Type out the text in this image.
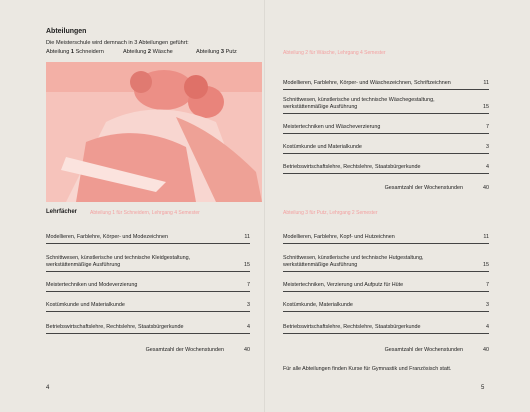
Abteilungen
Die Meisterschule wird demnach in 3 Abteilungen geführt:
Abteilung 1 Schneidern	Abteilung 2 Wäsche	Abteilung 3 Putz	Abteilung 2 für Wäsche, Lehrgang 4 Semester
Modellieren, Farblehre, Körper- und Wäschezeichnen, Schriftzeichnen	11
Schnittwesen, künstlerische und technische Wäschegestaltung, werkstättenmäßige Ausführung	15
Meistertechniken und Wäscheverzierung	7
Kostümkunde und Materialkunde	3
Betriebswirtschaftslehre, Rechtslehre, Staatsbürgerkunde	4
Gesamtzahl der Wochenstunden	40
Lehrfächer	Abteilung 1 für Schneidern, Lehrgang 4 Semester	Abteilung 3 für Putz, Lehrgang 2 Semester
Modellieren, Farblehre, Körper- und Modezeichnen	11
Schnittwesen, künstlerische und technische Kleidgestaltung, werkstättenmäßige Ausführung	15
Meistertechniken und Modeverzierung	7
Kostümkunde und Materialkunde	3
Betriebswirtschaftslehre, Rechtslehre, Staatsbürgerkunde	4
Gesamtzahl der Wochenstunden	40
Modellieren, Farblehre, Kopf- und Hutzeichnen	11
Schnittwesen, künstlerische und technische Hutgestaltung, werkstättenmäßige Ausführung	15
Meistertechniken, Verzierung und Aufputz für Hüte	7
Kostümkunde, Materialkunde	3
Betriebswirtschaftslehre, Rechtslehre, Staatsbürgerkunde	4
Gesamtzahl der Wochenstunden	40
Für alle Abteilungen finden Kurse für Gymnastik und Französisch statt.
4	5
